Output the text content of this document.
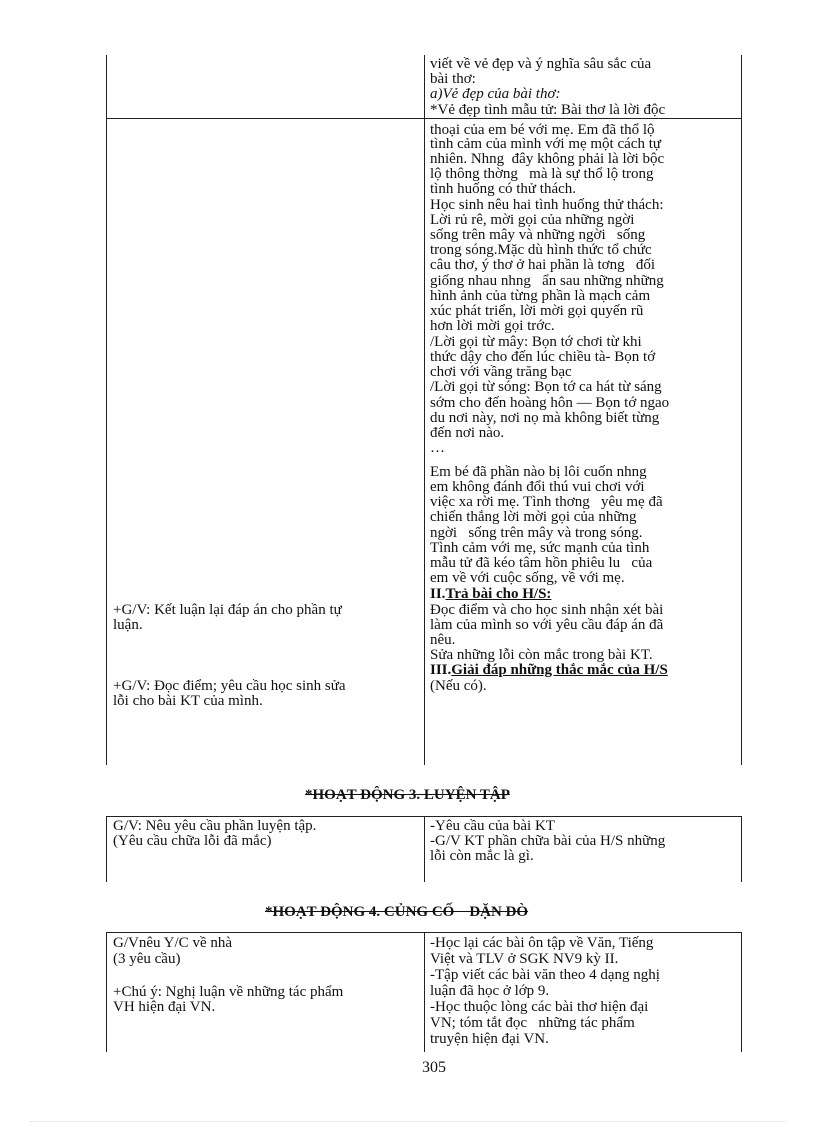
viết về vẻ đẹp và ý nghĩa sâu sắc của
bài thơ:
a)Vẻ đẹp của bài thơ:
*Vẻ đẹp tình mẫu tử: Bài thơ là lời độc
thoại của em bé với mẹ. Em đã thổ lộ
tình cảm của mình với mẹ một cách tự
nhiên. Nhng  đây không phải là lời bộc
lộ thông thờng   mà là sự thổ lộ trong
tình huống có thử thách.
Học sinh nêu hai tình huống thử thách:
Lời rủ rê, mời gọi của những ngời
sống trên mây và những ngời   sống
trong sóng.Mặc dù hình thức tổ chức
câu thơ, ý thơ ở hai phần là tơng   đối
giống nhau nhng   ẩn sau những những
hình ảnh của từng phần là mạch cảm
xúc phát triển, lời mời gọi quyến rũ
hơn lời mời gọi trớc.
/Lời gọi từ mây: Bọn tớ chơi từ khi
thức dậy cho đến lúc chiều tà- Bọn tớ
chơi với vầng trăng bạc
/Lời gọi từ sóng: Bọn tớ ca hát từ sáng
sớm cho đến hoàng hôn — Bọn tớ ngao
du nơi này, nơi nọ mà không biết từng
đến nơi nào.
…
Em bé đã phần nào bị lôi cuốn nhng
em không đánh đổi thú vui chơi với
việc xa rời mẹ. Tình thơng   yêu mẹ đã
chiến thắng lời mời gọi của những
ngời   sống trên mây và trong sóng.
Tình cảm với mẹ, sức mạnh của tình
mẫu tử đã kéo tâm hồn phiêu lu   của
em về với cuộc sống, về với mẹ.
II.Trả bài cho H/S:
Đọc điểm và cho học sinh nhận xét bài
làm của mình so với yêu cầu đáp án đã
nêu.
Sửa những lỗi còn mắc trong bài KT.
III.Giải đáp những thắc mắc của H/S
(Nếu có).
+G/V: Kết luận lại đáp án cho phần tự
luận.
+G/V: Đọc điểm; yêu cầu học sinh sửa
lỗi cho bài KT của mình.
*HOẠT ĐỘNG 3. LUYỆN TẬP
G/V: Nêu yêu cầu phần luyện tập.
(Yêu cầu chữa lỗi đã mắc)
-Yêu cầu của bài KT
-G/V KT phần chữa bài của H/S những
lỗi còn mắc là gì.
*HOẠT ĐỘNG 4. CỦNG CỐ    DẶN DÒ
G/Vnêu Y/C về nhà
(3 yêu cầu)
+Chú ý: Nghị luận về những tác phẩm
VH hiện đại VN.
-Học lại các bài ôn tập về Văn, Tiếng
Việt và TLV ở SGK NV9 kỳ II.
-Tập viết các bài văn theo 4 dạng nghị
luận đã học ở lớp 9.
-Học thuộc lòng các bài thơ hiện đại
VN; tóm tắt đọc   những tác phẩm
truyện hiện đại VN.
305
